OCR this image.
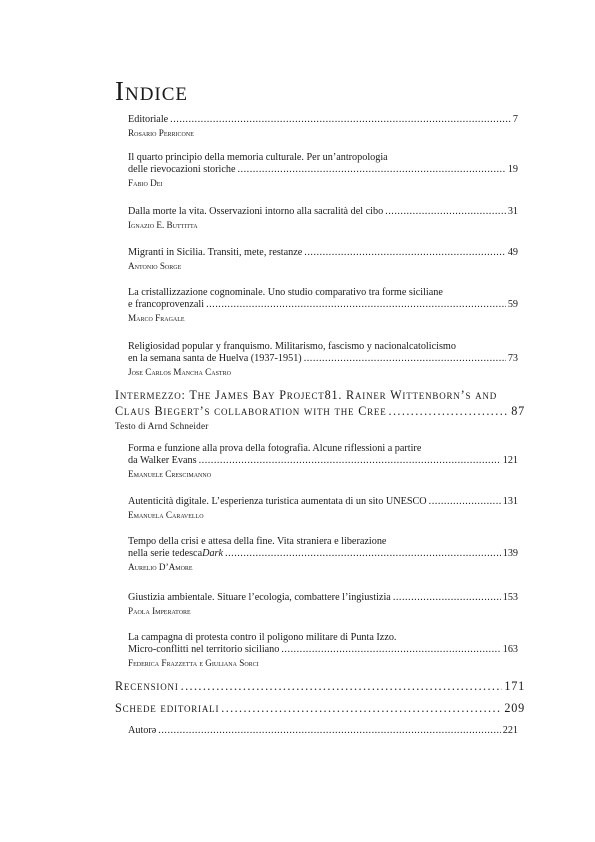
Indice
Editoriale .....	7
Rosario Perricone
Il quarto principio della memoria culturale. Per un’antropologia
delle rievocazioni storiche .....	19
Fabio Dei
Dalla morte la vita. Osservazioni intorno alla sacralità del cibo .....	31
Ignazio E. Buttitta
Migranti in Sicilia. Transiti, mete, restanze .....	49
Antonio Sorge
La cristallizzazione cognominale. Uno studio comparativo tra forme siciliane
e francoprovenzali .....	59
Marco Fragale
Religiosidad popular y franquismo. Militarismo, fascismo y nacionalcatolicismo
en la semana santa de Huelva (1937-1951) .....	73
Jose Carlos Mancha Castro
Intermezzo: The James Bay Project81. Rainer Wittenborn’s and
Claus Biegert’s collaboration with the Cree .....	87
Testo di Arnd Schneider
Forma e funzione alla prova della fotografia. Alcune riflessioni a partire
da Walker Evans .....	121
Emanuele Crescimanno
Autenticità digitale. L’esperienza turistica aumentata di un sito UNESCO .....	131
Emanuela Caravello
Tempo della crisi e attesa della fine. Vita straniera e liberazione
nella serie tedesca Dark .....	139
Aurelio D’Amore
Giustizia ambientale. Situare l’ecologia, combattere l’ingiustizia .....	153
Paola Imperatore
La campagna di protesta contro il poligono militare di Punta Izzo.
Micro-conflitti nel territorio siciliano .....	163
Federica Frazzetta e Giuliana Sorci
Recensioni .....	171
Schede editoriali .....	209
Autorə .....	221
